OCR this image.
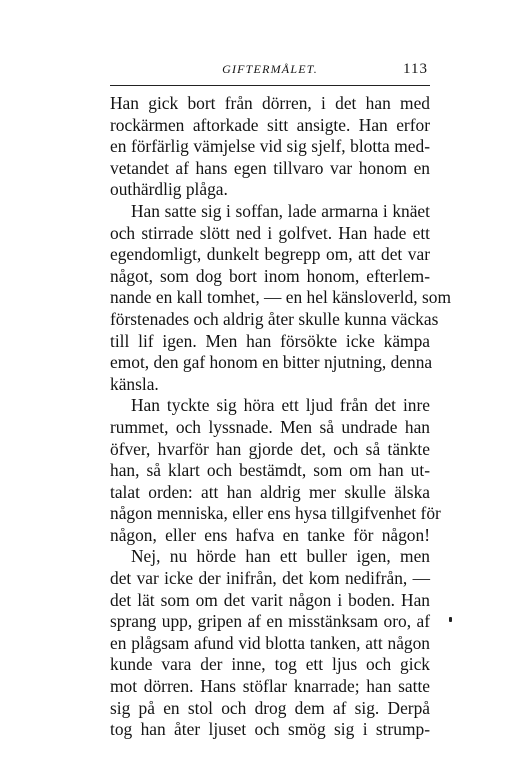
GIFTERMÅLET.	113
Han gick bort från dörren, i det han med
rockärmen aftorkade sitt ansigte. Han erfor
en förfärlig vämjelse vid sig sjelf, blotta med-
vetandet af hans egen tillvaro var honom en
outhärdlig plåga.
Han satte sig i soffan, lade armarna i knäet
och stirrade slött ned i golfvet. Han hade ett
egendomligt, dunkelt begrepp om, att det var
något, som dog bort inom honom, efterlem-
nande en kall tomhet, — en hel känsloverld, som
förstenades och aldrig åter skulle kunna väckas
till lif igen. Men han försökte icke kämpa
emot, den gaf honom en bitter njutning, denna
känsla.
Han tyckte sig höra ett ljud från det inre
rummet, och lyssnade. Men så undrade han
öfver, hvarför han gjorde det, och så tänkte
han, så klart och bestämdt, som om han ut-
talat orden: att han aldrig mer skulle älska
någon menniska, eller ens hysa tillgifvenhet för
någon, eller ens hafva en tanke för någon!
Nej, nu hörde han ett buller igen, men
det var icke der inifrån, det kom nedifrån, —
det lät som om det varit någon i boden. Han
sprang upp, gripen af en misstänksam oro, af
en plågsam afund vid blotta tanken, att någon
kunde vara der inne, tog ett ljus och gick
mot dörren. Hans stöflar knarrade; han satte
sig på en stol och drog dem af sig. Derpå
tog han åter ljuset och smög sig i strump-
